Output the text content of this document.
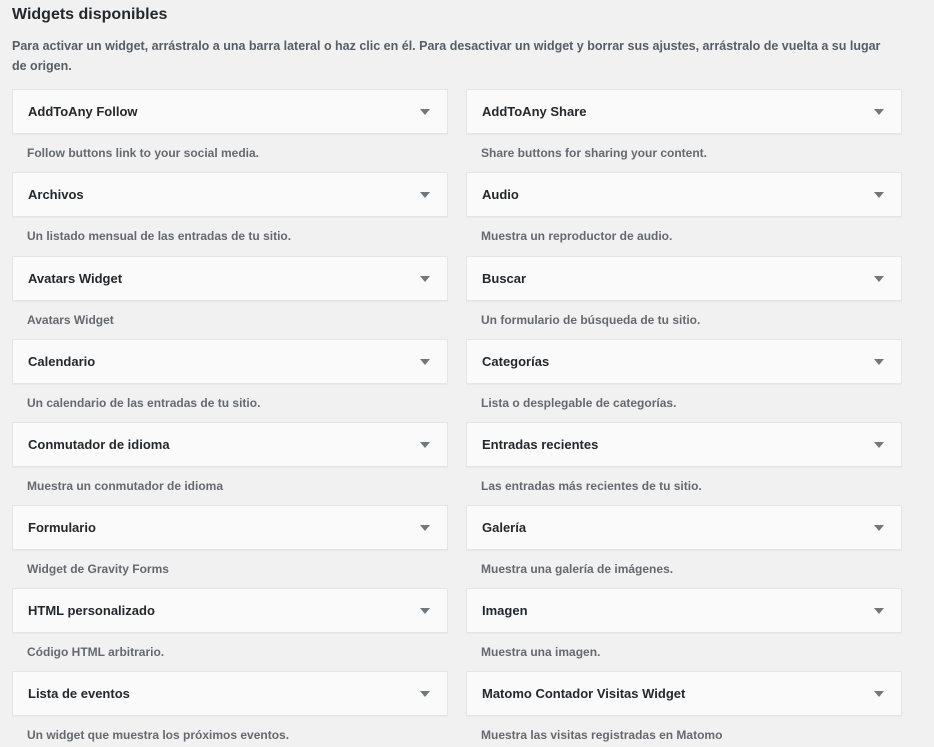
Widgets disponibles
Para activar un widget, arrástralo a una barra lateral o haz clic en él. Para desactivar un widget y borrar sus ajustes, arrástralo de vuelta a su lugar de origen.
AddToAny Follow
Follow buttons link to your social media.
AddToAny Share
Share buttons for sharing your content.
Archivos
Un listado mensual de las entradas de tu sitio.
Audio
Muestra un reproductor de audio.
Avatars Widget
Avatars Widget
Buscar
Un formulario de búsqueda de tu sitio.
Calendario
Un calendario de las entradas de tu sitio.
Categorías
Lista o desplegable de categorías.
Conmutador de idioma
Muestra un conmutador de idioma
Entradas recientes
Las entradas más recientes de tu sitio.
Formulario
Widget de Gravity Forms
Galería
Muestra una galería de imágenes.
HTML personalizado
Código HTML arbitrario.
Imagen
Muestra una imagen.
Lista de eventos
Un widget que muestra los próximos eventos.
Matomo Contador Visitas Widget
Muestra las visitas registradas en Matomo
